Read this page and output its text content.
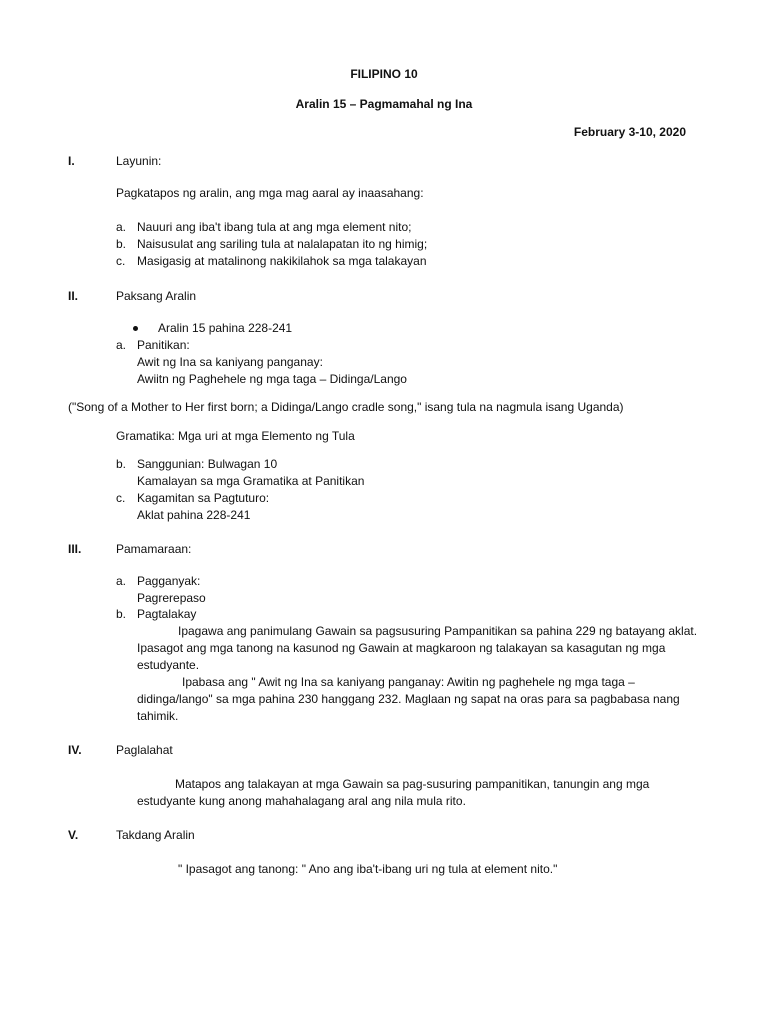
FILIPINO 10
Aralin 15 – Pagmamahal ng Ina
February 3-10, 2020
I.	Layunin:
Pagkatapos ng aralin, ang mga mag aaral ay inaasahang:
a. Nauuri ang iba't ibang tula at ang mga element nito;
b. Naisusulat ang sariling tula at nalalapatan ito ng himig;
c. Masigasig at matalinong nakikilahok sa mga talakayan
II.	Paksang Aralin
Aralin 15 pahina 228-241
a. Panitikan:
Awit ng Ina sa kaniyang panganay:
Awiitn ng Paghehele ng mga taga – Didinga/Lango
("Song of a Mother to Her first born; a Didinga/Lango cradle song," isang tula na nagmula isang Uganda)
Gramatika: Mga uri at mga Elemento ng Tula
b. Sanggunian: Bulwagan 10
Kamalayan sa mga Gramatika at Panitikan
c. Kagamitan sa Pagtuturo:
Aklat pahina 228-241
III.	Pamamaraan:
a. Pagganyak:
Pagrerepaso
b. Pagtalakay
Ipagawa ang panimulang Gawain sa pagsusuring Pampanitikan sa pahina 229 ng batayang aklat.
Ipasagot ang mga tanong na kasunod ng Gawain at magkaroon ng talakayan sa kasagutan ng mga
estudyante.
Ipabasa ang " Awit ng Ina sa kaniyang panganay: Awitin ng paghehele ng mga taga –
didinga/lango" sa mga pahina 230 hanggang 232. Maglaan ng sapat na oras para sa pagbabasa nang
tahimik.
IV.	Paglalahat
Matapos ang talakayan at mga Gawain sa pag-susuring pampanitikan, tanungin ang mga
estudyante kung anong mahahalagang aral ang nila mula rito.
V.	Takdang Aralin
" Ipasagot ang tanong: " Ano ang iba't-ibang uri ng tula at element nito."
